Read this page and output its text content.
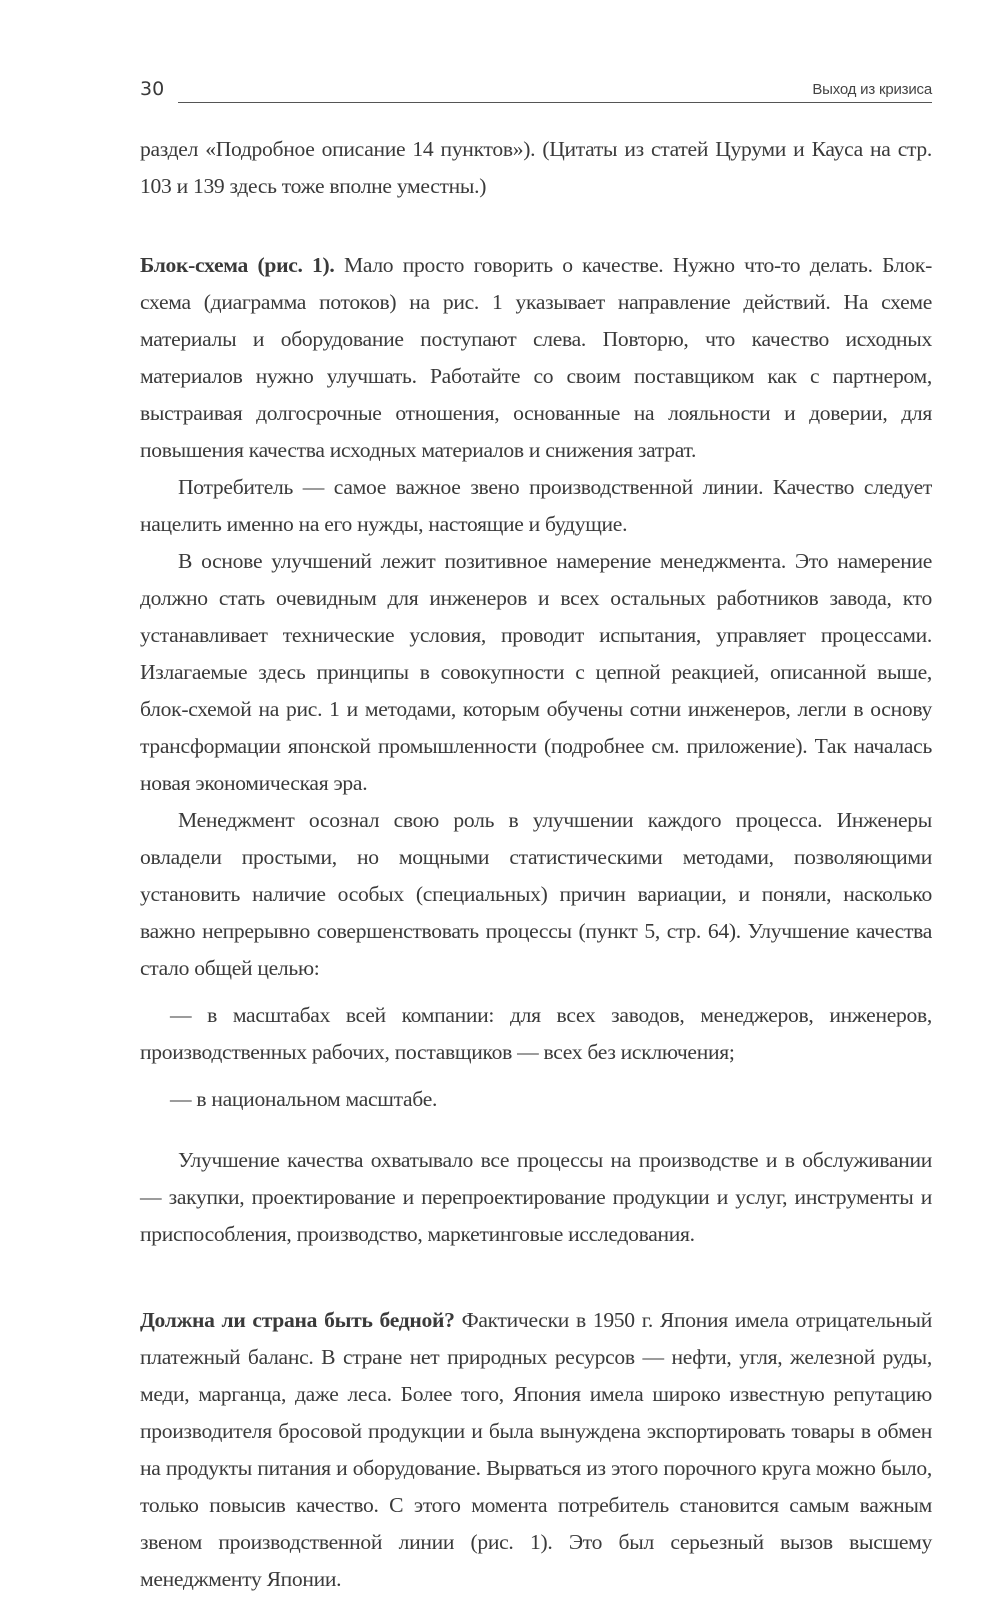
30	Выход из кризиса

раздел «Подробное описание 14 пунктов»). (Цитаты из статей Цуруми и Кауса на стр. 103 и 139 здесь тоже вполне уместны.)

Блок-схема (рис. 1). Мало просто говорить о качестве. Нужно что-то делать. Блок-схема (диаграмма потоков) на рис. 1 указывает направление действий. На схеме материалы и оборудование поступают слева. Повторю, что качество исходных материалов нужно улучшать. Работайте со своим поставщиком как с партнером, выстраивая долгосрочные отношения, основанные на лояльности и доверии, для повышения качества исходных материалов и снижения затрат.

Потребитель — самое важное звено производственной линии. Качество следует нацелить именно на его нужды, настоящие и будущие.

В основе улучшений лежит позитивное намерение менеджмента. Это намерение должно стать очевидным для инженеров и всех остальных работников завода, кто устанавливает технические условия, проводит испытания, управляет процессами. Излагаемые здесь принципы в совокупности с цепной реакцией, описанной выше, блок-схемой на рис. 1 и методами, которым обучены сотни инженеров, легли в основу трансформации японской промышленности (подробнее см. приложение). Так началась новая экономическая эра.

Менеджмент осознал свою роль в улучшении каждого процесса. Инженеры овладели простыми, но мощными статистическими методами, позволяющими установить наличие особых (специальных) причин вариации, и поняли, насколько важно непрерывно совершенствовать процессы (пункт 5, стр. 64). Улучшение качества стало общей целью:

— в масштабах всей компании: для всех заводов, менеджеров, инженеров, производственных рабочих, поставщиков — всех без исключения;

— в национальном масштабе.

Улучшение качества охватывало все процессы на производстве и в обслуживании — закупки, проектирование и перепроектирование продукции и услуг, инструменты и приспособления, производство, маркетинговые исследования.

Должна ли страна быть бедной? Фактически в 1950 г. Япония имела отрицательный платежный баланс. В стране нет природных ресурсов — нефти, угля, железной руды, меди, марганца, даже леса. Более того, Япония имела широко известную репутацию производителя бросовой продукции и была вынуждена экспортировать товары в обмен на продукты питания и оборудование. Вырваться из этого порочного круга можно было, только повысив качество. С этого момента потребитель становится самым важным звеном производственной линии (рис. 1). Это был серьезный вызов высшему менеджменту Японии.
